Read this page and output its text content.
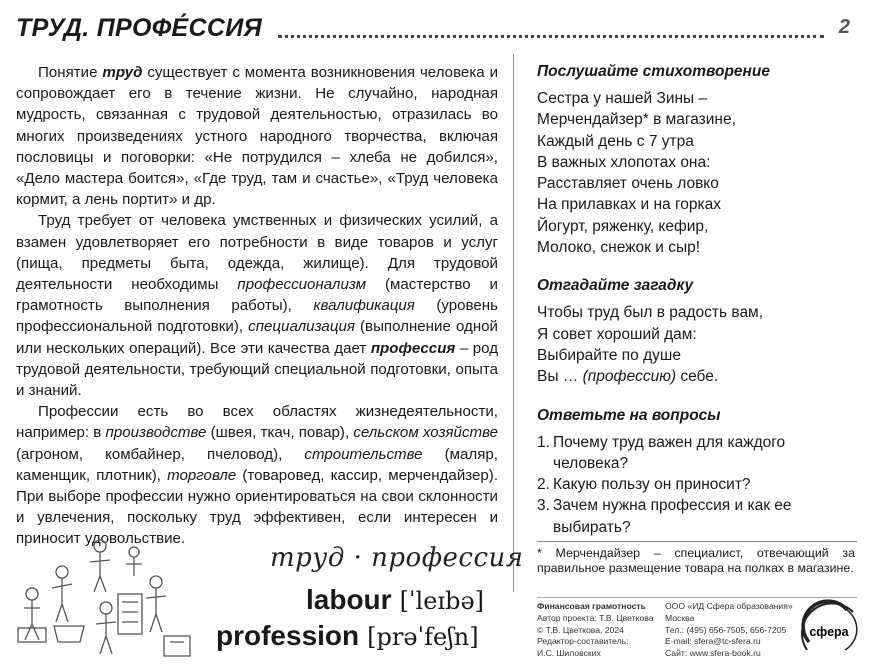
ТРУД. ПРОФЕ́ССИЯ	2

Понятие труд существует с момента возникновения человека и сопровождает его в течение жизни. Не случайно, народная мудрость, связанная с трудовой деятельностью, отразилась во многих произведениях устного народного творчества, включая пословицы и поговорки: «Не потрудился – хлеба не добился», «Дело мастера боится», «Где труд, там и счастье», «Труд человека кормит, а лень портит» и др.

Труд требует от человека умственных и физических усилий, а взамен удовлетворяет его потребности в виде товаров и услуг (пища, предметы быта, одежда, жилище). Для трудовой деятельности необходимы профессионализм (мастерство и грамотность выполнения работы), квалификация (уровень профессиональной подготовки), специализация (выполнение одной или нескольких операций). Все эти качества дает профессия – род трудовой деятельности, требующий специальной подготовки, опыта и знаний.

Профессии есть во всех областях жизнедеятельности, например: в производстве (швея, ткач, повар), сельском хозяйстве (агроном, комбайнер, пчеловод), строительстве (маляр, каменщик, плотник), торговле (товаровед, кассир, мерчендайзер). При выборе профессии нужно ориентироваться на свои склонности и увлечения, поскольку труд эффективен, если интересен и приносит удовольствие.

Послушайте стихотворение
Сестра у нашей Зины –
Мерчендайзер* в магазине,
Каждый день с 7 утра
В важных хлопотах она:
Расставляет очень ловко
На прилавках и на горках
Йогурт, ряженку, кефир,
Молоко, снежок и сыр!
Отгадайте загадку
Чтобы труд был в радость вам,
Я совет хороший дам:
Выбирайте по душе
Вы … (профессию) себе.
Ответьте на вопросы
1. Почему труд важен для каждого человека?
2. Какую пользу он приносит?
3. Зачем нужна профессия и как ее выбирать?
* Мерчендайзер – специалист, отвечающий за правильное размещение товара на полках в магазине.
Финансовая грамотность
Автор проекта: Т.В. Цветкова
© Т.В. Цветкова, 2024
Редактор-составитель:
И.С. Шиловских
ООО «ИД Сфера образования»
Москва
Тел.: (495) 656-7505, 656-7205
E-mail: sfera@tc-sfera.ru
Сайт: www.sfera-book.ru
сфера
труд · профессия
labour [ˈleɪbə]
profession [prəˈfeʃn]
